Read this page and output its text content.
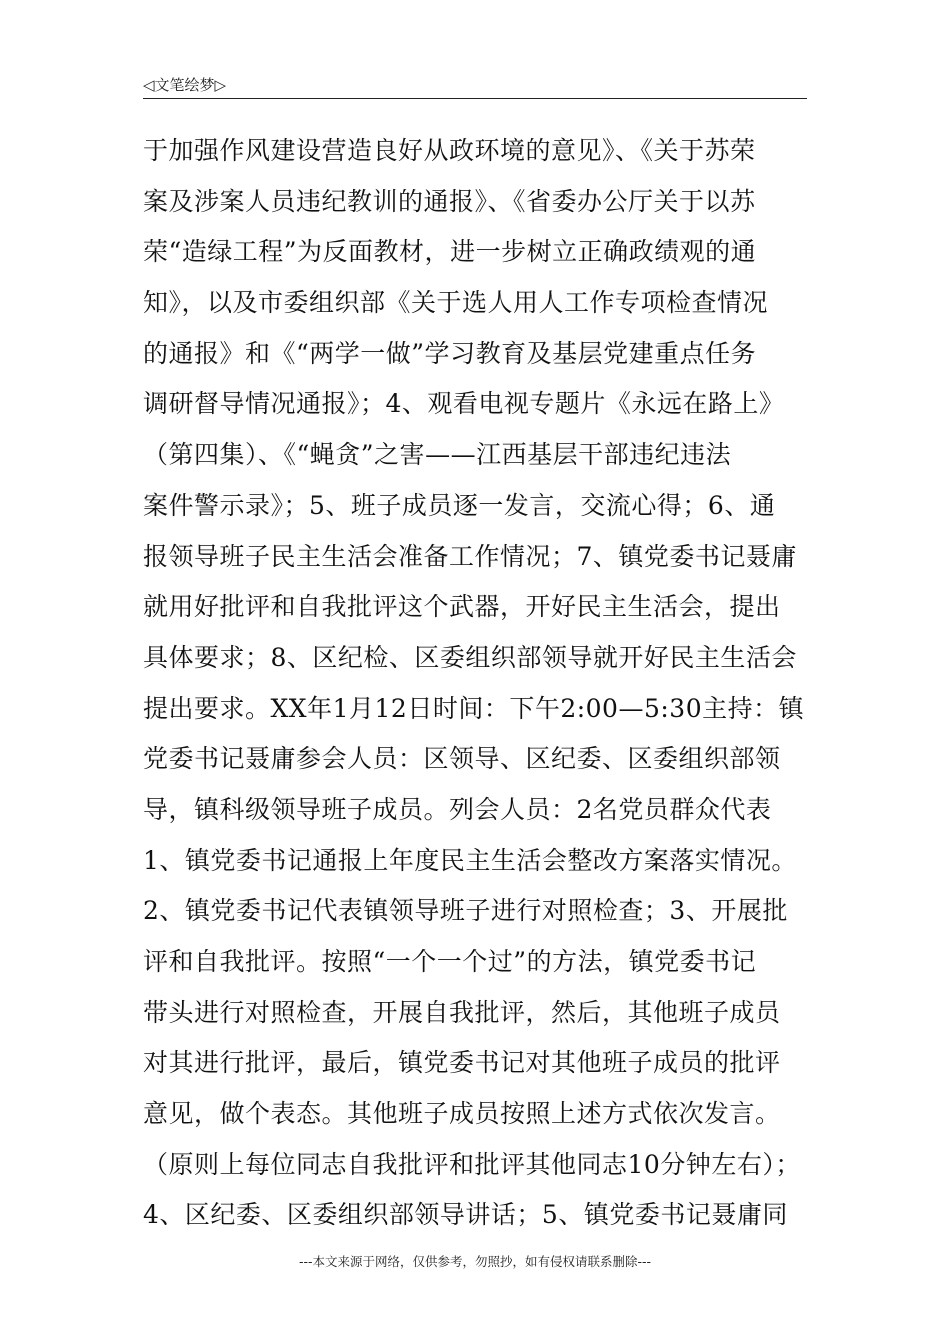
◁文笔绘梦▷
于加强作风建设营造良好从政环境的意见》、《关于苏荣
案及涉案人员违纪教训的通报》、《省委办公厅关于以苏
荣“造绿工程”为反面教材，进一步树立正确政绩观的通
知》，以及市委组织部《关于选人用人工作专项检查情况
的通报》和《“两学一做”学习教育及基层党建重点任务
调研督导情况通报》；4、观看电视专题片《永远在路上》
（第四集）、《“蝇贪”之害——江西基层干部违纪违法
案件警示录》；5、班子成员逐一发言，交流心得；6、通
报领导班子民主生活会准备工作情况；7、镇党委书记聂庸
就用好批评和自我批评这个武器，开好民主生活会，提出
具体要求；8、区纪检、区委组织部领导就开好民主生活会
提出要求。XX年1月12日时间：下午2:00—5:30主持：镇
党委书记聂庸参会人员：区领导、区纪委、区委组织部领
导，镇科级领导班子成员。列会人员：2名党员群众代表
1、镇党委书记通报上年度民主生活会整改方案落实情况。
2、镇党委书记代表镇领导班子进行对照检查；3、开展批
评和自我批评。按照“一个一个过”的方法，镇党委书记
带头进行对照检查，开展自我批评，然后，其他班子成员
对其进行批评，最后，镇党委书记对其他班子成员的批评
意见，做个表态。其他班子成员按照上述方式依次发言。
（原则上每位同志自我批评和批评其他同志10分钟左右）；
4、区纪委、区委组织部领导讲话；5、镇党委书记聂庸同
---本文来源于网络，仅供参考，勿照抄，如有侵权请联系删除---
